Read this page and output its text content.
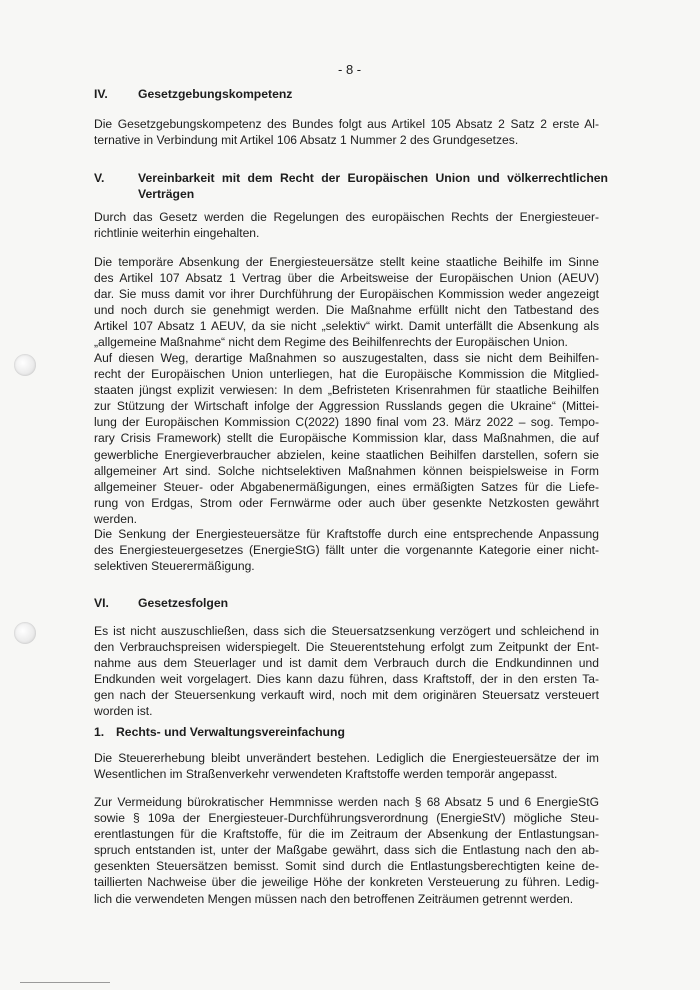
- 8 -
IV. Gesetzgebungskompetenz
Die Gesetzgebungskompetenz des Bundes folgt aus Artikel 105 Absatz 2 Satz 2 erste Al-
ternative in Verbindung mit Artikel 106 Absatz 1 Nummer 2 des Grundgesetzes.
V.	Vereinbarkeit mit dem Recht der Europäischen Union und völkerrechtlichen
Verträgen
Durch das Gesetz werden die Regelungen des europäischen Rechts der Energiesteuer-
richtlinie weiterhin eingehalten.
Die temporäre Absenkung der Energiesteuersätze stellt keine staatliche Beihilfe im Sinne
des Artikel 107 Absatz 1 Vertrag über die Arbeitsweise der Europäischen Union (AEUV)
dar. Sie muss damit vor ihrer Durchführung der Europäischen Kommission weder angezeigt
und noch durch sie genehmigt werden. Die Maßnahme erfüllt nicht den Tatbestand des
Artikel 107 Absatz 1 AEUV, da sie nicht „selektiv“ wirkt. Damit unterfällt die Absenkung als
„allgemeine Maßnahme“ nicht dem Regime des Beihilfenrechts der Europäischen Union.
Auf diesen Weg, derartige Maßnahmen so auszugestalten, dass sie nicht dem Beihilfen-
recht der Europäischen Union unterliegen, hat die Europäische Kommission die Mitglied-
staaten jüngst explizit verwiesen: In dem „Befristeten Krisenrahmen für staatliche Beihilfen
zur Stützung der Wirtschaft infolge der Aggression Russlands gegen die Ukraine“ (Mittei-
lung der Europäischen Kommission C(2022) 1890 final vom 23. März 2022 – sog. Tempo-
rary Crisis Framework) stellt die Europäische Kommission klar, dass Maßnahmen, die auf
gewerbliche Energieverbraucher abzielen, keine staatlichen Beihilfen darstellen, sofern sie
allgemeiner Art sind. Solche nichtselektiven Maßnahmen können beispielsweise in Form
allgemeiner Steuer- oder Abgabenermäßigungen, eines ermäßigten Satzes für die Liefe-
rung von Erdgas, Strom oder Fernwärme oder auch über gesenkte Netzkosten gewährt
werden.
Die Senkung der Energiesteuersätze für Kraftstoffe durch eine entsprechende Anpassung
des Energiesteuergesetzes (EnergieStG) fällt unter die vorgenannte Kategorie einer nicht-
selektiven Steuerermäßigung.
VI. Gesetzesfolgen
Es ist nicht auszuschließen, dass sich die Steuersatzsenkung verzögert und schleichend in
den Verbrauchspreisen widerspiegelt. Die Steuerentstehung erfolgt zum Zeitpunkt der Ent-
nahme aus dem Steuerlager und ist damit dem Verbrauch durch die Endkundinnen und
Endkunden weit vorgelagert. Dies kann dazu führen, dass Kraftstoff, der in den ersten Ta-
gen nach der Steuersenkung verkauft wird, noch mit dem originären Steuersatz versteuert
worden ist.
1. Rechts- und Verwaltungsvereinfachung
Die Steuererhebung bleibt unverändert bestehen. Lediglich die Energiesteuersätze der im
Wesentlichen im Straßenverkehr verwendeten Kraftstoffe werden temporär angepasst.
Zur Vermeidung bürokratischer Hemmnisse werden nach § 68 Absatz 5 und 6 EnergieStG
sowie § 109a der Energiesteuer-Durchführungsverordnung (EnergieStV) mögliche Steu-
erentlastungen für die Kraftstoffe, für die im Zeitraum der Absenkung der Entlastungsan-
spruch entstanden ist, unter der Maßgabe gewährt, dass sich die Entlastung nach den ab-
gesenkten Steuersätzen bemisst. Somit sind durch die Entlastungsberechtigten keine de-
taillierten Nachweise über die jeweilige Höhe der konkreten Versteuerung zu führen. Ledig-
lich die verwendeten Mengen müssen nach den betroffenen Zeiträumen getrennt werden.
